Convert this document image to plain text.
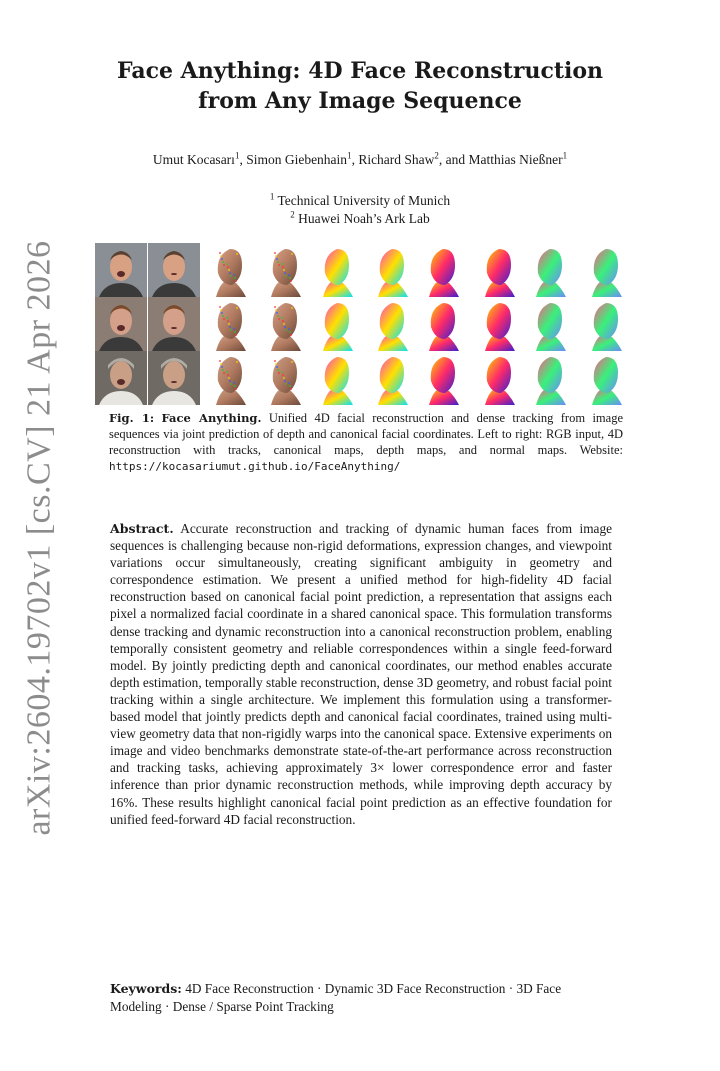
arXiv:2604.19702v1 [cs.CV] 21 Apr 2026
Face Anything: 4D Face Reconstruction
from Any Image Sequence
Umut Kocasarı$^1$, Simon Giebenhain$^1$, Richard Shaw$^2$, and Matthias Nießner$^1$
$^1$ Technical University of Munich
$^2$ Huawei Noah’s Ark Lab
Fig. 1: Face Anything. Unified 4D facial reconstruction and dense tracking from image sequences via joint prediction of depth and canonical facial coordinates. Left to right: RGB input, 4D reconstruction with tracks, canonical maps, depth maps, and normal maps. Website: https://kocasariumut.github.io/FaceAnything/
Abstract. Accurate reconstruction and tracking of dynamic human faces from image sequences is challenging because non-rigid deformations, expression changes, and viewpoint variations occur simultaneously, creating significant ambiguity in geometry and correspondence estimation. We present a unified method for high-fidelity 4D facial reconstruction based on canonical facial point prediction, a representation that assigns each pixel a normalized facial coordinate in a shared canonical space. This formulation transforms dense tracking and dynamic reconstruction into a canonical reconstruction problem, enabling temporally consistent geometry and reliable correspondences within a single feed-forward model. By jointly predicting depth and canonical coordinates, our method enables accurate depth estimation, temporally stable reconstruction, dense 3D geometry, and robust facial point tracking within a single architecture. We implement this formulation using a transformer-based model that jointly predicts depth and canonical facial coordinates, trained using multi-view geometry data that non-rigidly warps into the canonical space. Extensive experiments on image and video benchmarks demonstrate state-of-the-art performance across reconstruction and tracking tasks, achieving approximately 3× lower correspondence error and faster inference than prior dynamic reconstruction methods, while improving depth accuracy by 16%. These results highlight canonical facial point prediction as an effective foundation for unified feed-forward 4D facial reconstruction.
Keywords: 4D Face Reconstruction · Dynamic 3D Face Reconstruction · 3D Face Modeling · Dense / Sparse Point Tracking
